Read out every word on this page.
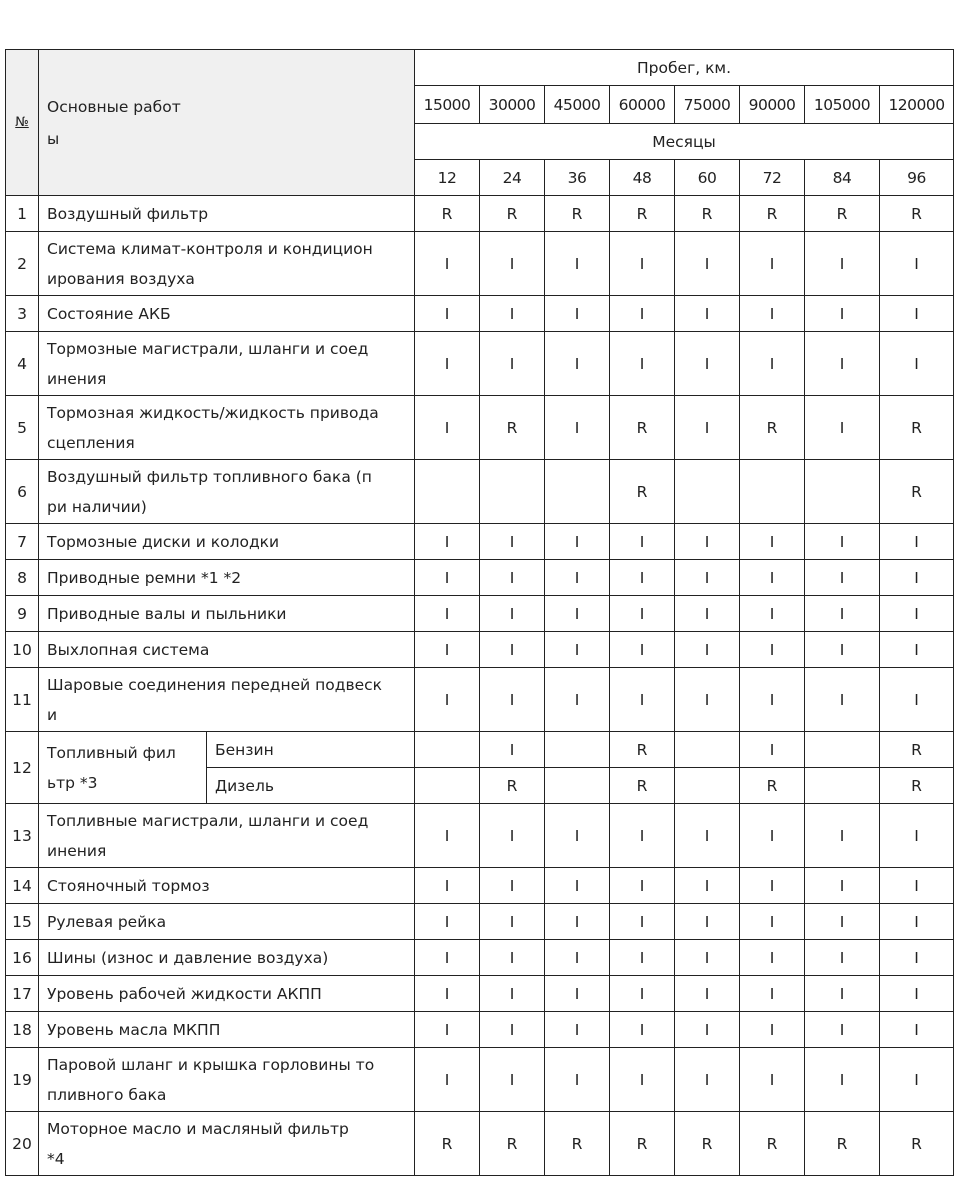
№	Основные работ
ы		Пробег, км.							
			15000	30000	45000	60000	75000	90000	105000	120000
			Месяцы							
			12	24	36	48	60	72	84	96
1	Воздушный фильтр		R	R	R	R	R	R	R	R
2	Система климат-контроля и кондицион
ирования воздуха		I	I	I	I	I	I	I	I
3	Состояние АКБ		I	I	I	I	I	I	I	I
4	Тормозные магистрали, шланги и соед
инения		I	I	I	I	I	I	I	I
5	Тормозная жидкость/жидкость привода
сцепления		I	R	I	R	I	R	I	R
6	Воздушный фильтр топливного бака (п
ри наличии)					R				R
7	Тормозные диски и колодки		I	I	I	I	I	I	I	I
8	Приводные ремни *1 *2		I	I	I	I	I	I	I	I
9	Приводные валы и пыльники		I	I	I	I	I	I	I	I
10	Выхлопная система		I	I	I	I	I	I	I	I
11	Шаровые соединения передней подвеск
и		I	I	I	I	I	I	I	I
12	Топливный фил
ьтр *3	Бензин		I		R		I		R
		Дизель		R		R		R		R
13	Топливные магистрали, шланги и соед
инения		I	I	I	I	I	I	I	I
14	Стояночный тормоз		I	I	I	I	I	I	I	I
15	Рулевая рейка		I	I	I	I	I	I	I	I
16	Шины (износ и давление воздуха)		I	I	I	I	I	I	I	I
17	Уровень рабочей жидкости АКПП		I	I	I	I	I	I	I	I
18	Уровень масла МКПП		I	I	I	I	I	I	I	I
19	Паровой шланг и крышка горловины то
пливного бака		I	I	I	I	I	I	I	I
20	Моторное масло и масляный фильтр
*4		R	R	R	R	R	R	R	R
